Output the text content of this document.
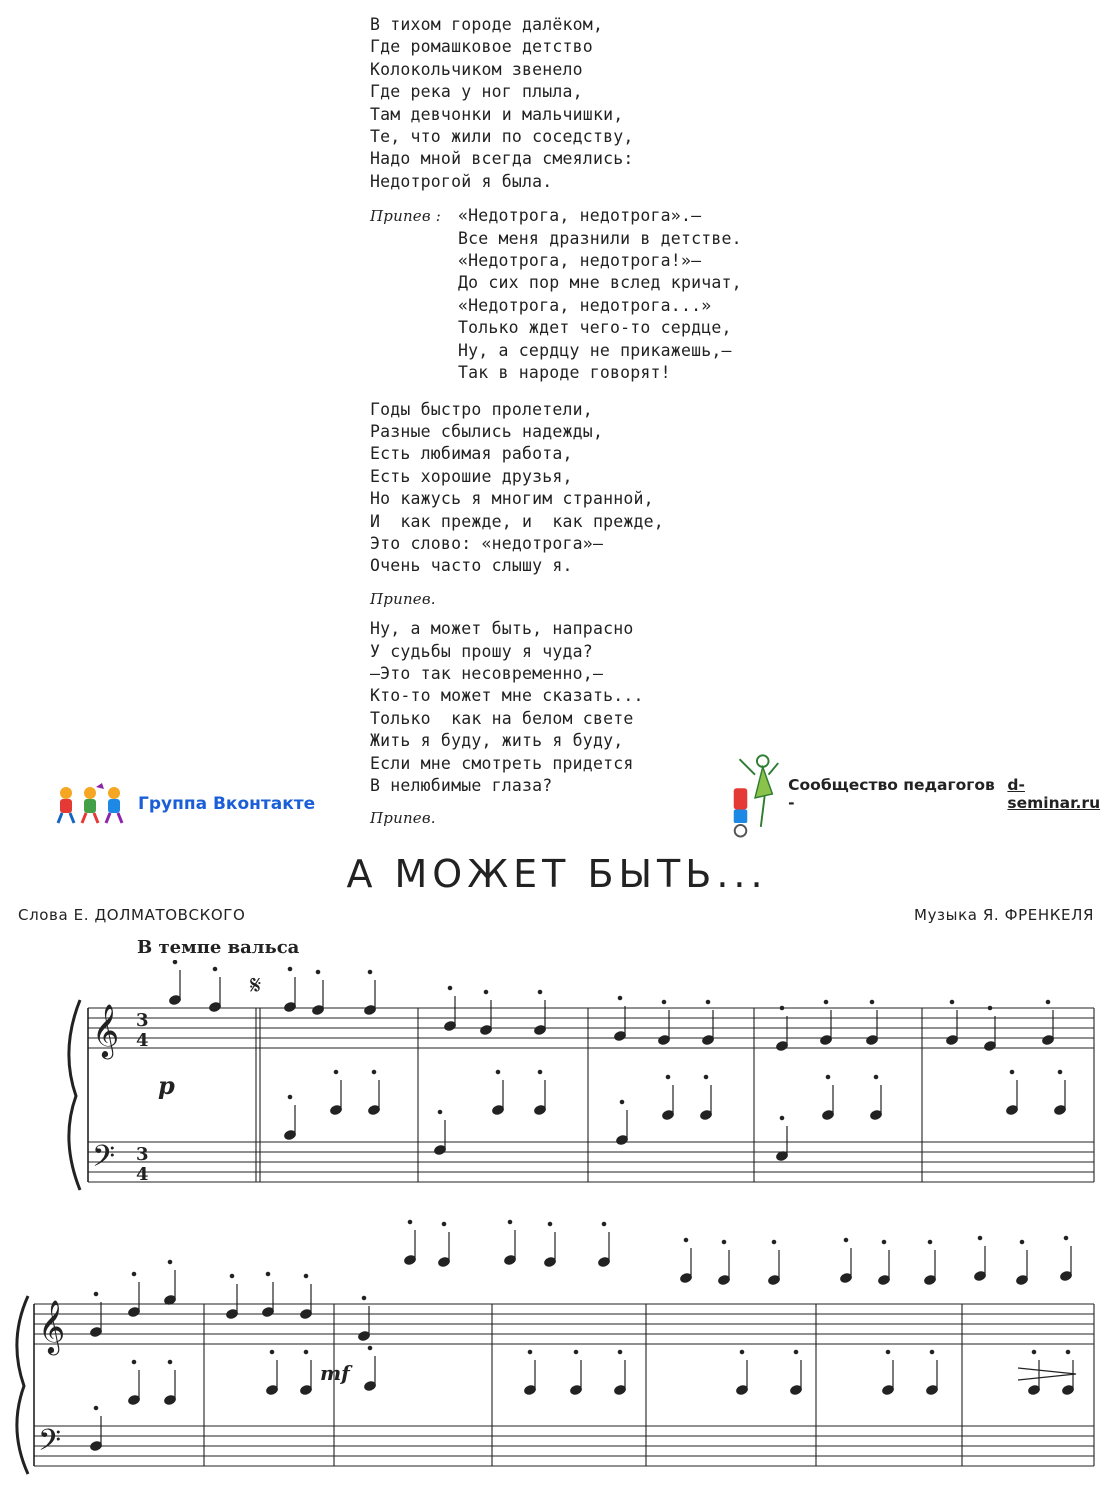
В тихом городе далёком,
Где ромашковое детство
Колокольчиком звенело
Где река у ног плыла,
Там девчонки и мальчишки,
Те, что жили по соседству,
Надо мной всегда смеялись:
Недотрогой я была.
Припев : «Недотрога, недотрога».—
Все меня дразнили в детстве.
«Недотрога, недотрога!»—
До сих пор мне вслед кричат,
«Недотрога, недотрога...»
Только ждет чего-то сердце,
Ну, а сердцу не прикажешь,—
Так в народе говорят!
Годы быстро пролетели,
Разные сбылись надежды,
Есть любимая работа,
Есть хорошие друзья,
Но кажусь я многим странной,
И  как прежде, и  как прежде,
Это слово: «недотрога»—
Очень часто слышу я.
Припев.
Ну, а может быть, напрасно
У судьбы прошу я чуда?
—Это так несовременно,—
Кто-то может мне сказать...
Только  как на белом свете
Жить я буду, жить я буду,
Если мне смотреть придется
В нелюбимые глаза?
Припев.
Группа Вконтакте
Сообщество педагогов -
d-seminar.ru
А МОЖЕТ БЫТЬ...
Слова Е. ДОЛМАТОВСКОГО	Музыка Я. ФРЕНКЕЛЯ
В темпе вальса
𝄞
𝄢
𝄞
𝄢
3
4
3
4
p
mf
𝄋
